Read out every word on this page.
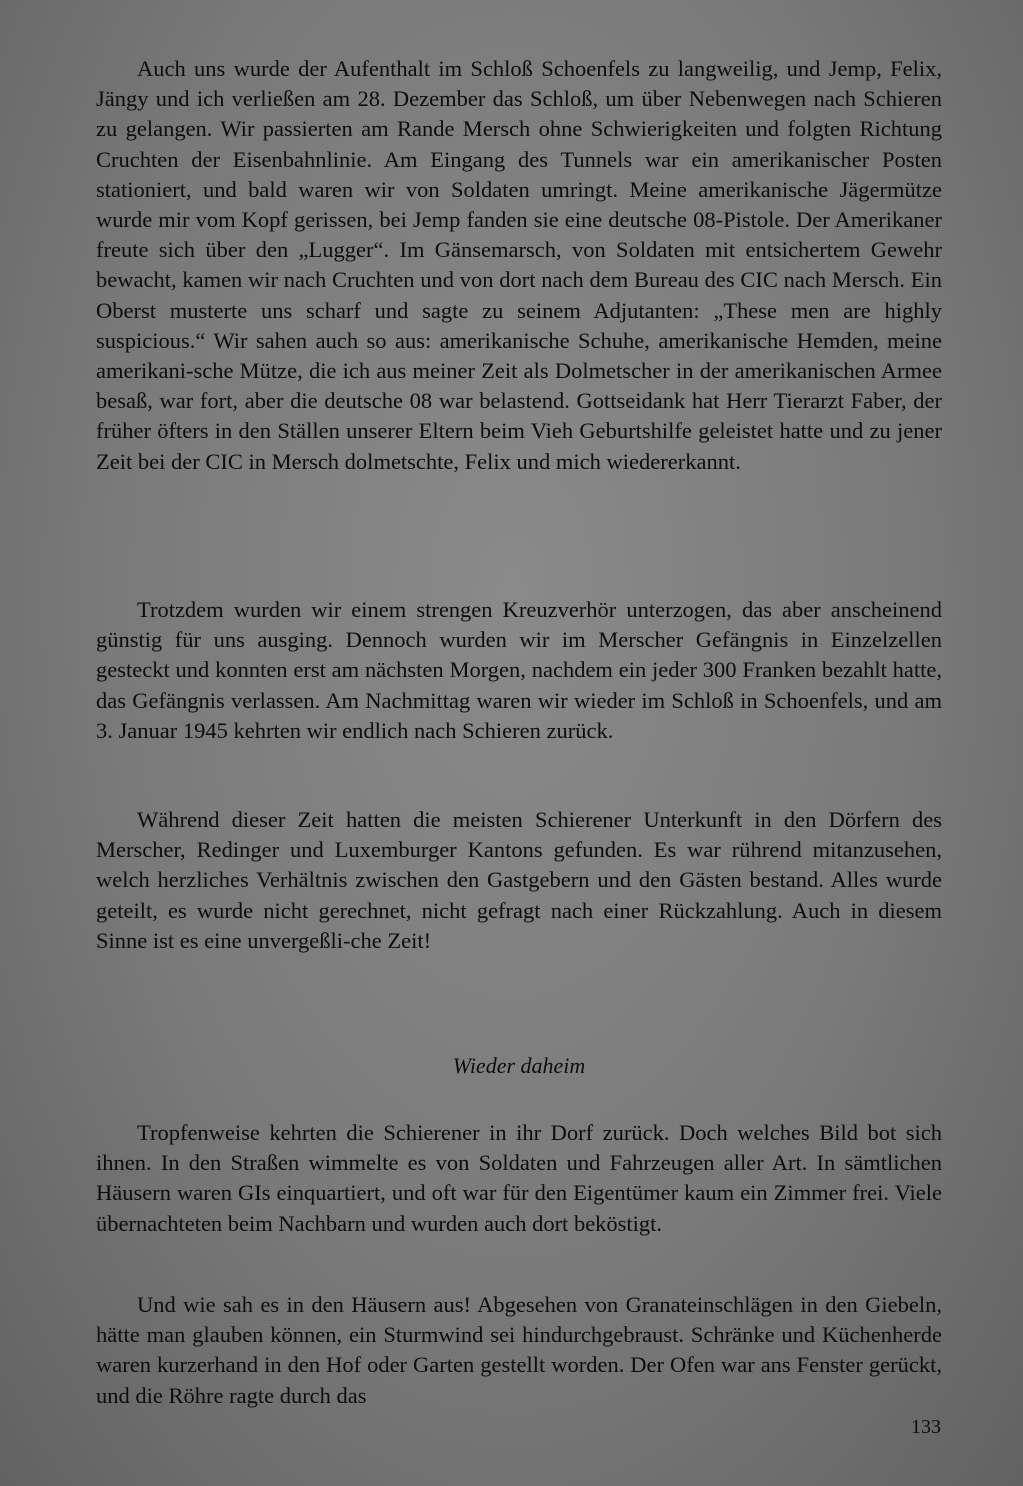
Auch uns wurde der Aufenthalt im Schloß Schoenfels zu langweilig, und Jemp, Felix, Jängy und ich verließen am 28. Dezember das Schloß, um über Nebenwegen nach Schieren zu gelangen. Wir passierten am Rande Mersch ohne Schwierigkeiten und folgten Richtung Cruchten der Eisenbahnlinie. Am Eingang des Tunnels war ein amerikanischer Posten stationiert, und bald waren wir von Soldaten umringt. Meine amerikanische Jägermütze wurde mir vom Kopf gerissen, bei Jemp fanden sie eine deutsche 08-Pistole. Der Amerikaner freute sich über den „Lugger“. Im Gänsemarsch, von Soldaten mit entsichertem Gewehr bewacht, kamen wir nach Cruchten und von dort nach dem Bureau des CIC nach Mersch. Ein Oberst musterte uns scharf und sagte zu seinem Adjutanten: „These men are highly suspicious.“ Wir sahen auch so aus: amerikanische Schuhe, amerikanische Hemden, meine amerikani-sche Mütze, die ich aus meiner Zeit als Dolmetscher in der amerikanischen Armee besaß, war fort, aber die deutsche 08 war belastend. Gottseidank hat Herr Tierarzt Faber, der früher öfters in den Ställen unserer Eltern beim Vieh Geburtshilfe geleistet hatte und zu jener Zeit bei der CIC in Mersch dolmetschte, Felix und mich wiedererkannt.

Trotzdem wurden wir einem strengen Kreuzverhör unterzogen, das aber anscheinend günstig für uns ausging. Dennoch wurden wir im Merscher Gefängnis in Einzelzellen gesteckt und konnten erst am nächsten Morgen, nachdem ein jeder 300 Franken bezahlt hatte, das Gefängnis verlassen. Am Nachmittag waren wir wieder im Schloß in Schoenfels, und am 3. Januar 1945 kehrten wir endlich nach Schieren zurück.

Während dieser Zeit hatten die meisten Schierener Unterkunft in den Dörfern des Merscher, Redinger und Luxemburger Kantons gefunden. Es war rührend mitanzusehen, welch herzliches Verhältnis zwischen den Gastgebern und den Gästen bestand. Alles wurde geteilt, es wurde nicht gerechnet, nicht gefragt nach einer Rückzahlung. Auch in diesem Sinne ist es eine unvergeßli-che Zeit!

Wieder daheim

Tropfenweise kehrten die Schierener in ihr Dorf zurück. Doch welches Bild bot sich ihnen. In den Straßen wimmelte es von Soldaten und Fahrzeugen aller Art. In sämtlichen Häusern waren GIs einquartiert, und oft war für den Eigentümer kaum ein Zimmer frei. Viele übernachteten beim Nachbarn und wurden auch dort beköstigt.

Und wie sah es in den Häusern aus! Abgesehen von Granateinschlägen in den Giebeln, hätte man glauben können, ein Sturmwind sei hindurchgebraust. Schränke und Küchenherde waren kurzerhand in den Hof oder Garten gestellt worden. Der Ofen war ans Fenster gerückt, und die Röhre ragte durch das

133
